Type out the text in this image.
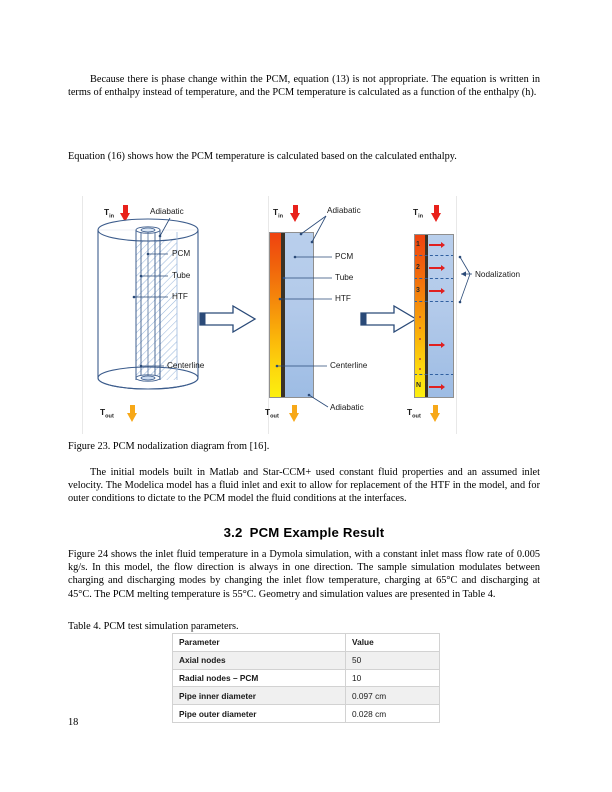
Because there is phase change within the PCM, equation (13) is not appropriate. The equation is written in terms of enthalpy instead of temperature, and the PCM temperature is calculated as a function of the enthalpy (h).
Equation (16) shows how the PCM temperature is calculated based on the calculated enthalpy.
$T_{in}$
Adiabatic
PCM
Tube
HTF
Centerline
$T_{out}$
$T_{in}$
Adiabatic
PCM
Tube
HTF
Centerline
Adiabatic
$T_{out}$
$T_{in}$
1
2
3
N
Nodalization
$T_{out}$
Figure 23. PCM nodalization diagram from [16].
The initial models built in Matlab and Star-CCM+ used constant fluid properties and an assumed inlet velocity. The Modelica model has a fluid inlet and exit to allow for replacement of the HTF in the model, and for outer conditions to dictate to the PCM model the fluid conditions at the interfaces.
3.2 PCM Example Result
Figure 24 shows the inlet fluid temperature in a Dymola simulation, with a constant inlet mass flow rate of 0.005 kg/s. In this model, the flow direction is always in one direction. The sample simulation modulates between charging and discharging modes by changing the inlet flow temperature, charging at 65°C and discharging at 45°C. The PCM melting temperature is 55°C. Geometry and simulation values are presented in Table 4.
Table 4. PCM test simulation parameters.
Parameter	Value
Axial nodes	50
Radial nodes – PCM	10
Pipe inner diameter	0.097 cm
Pipe outer diameter	0.028 cm
18
